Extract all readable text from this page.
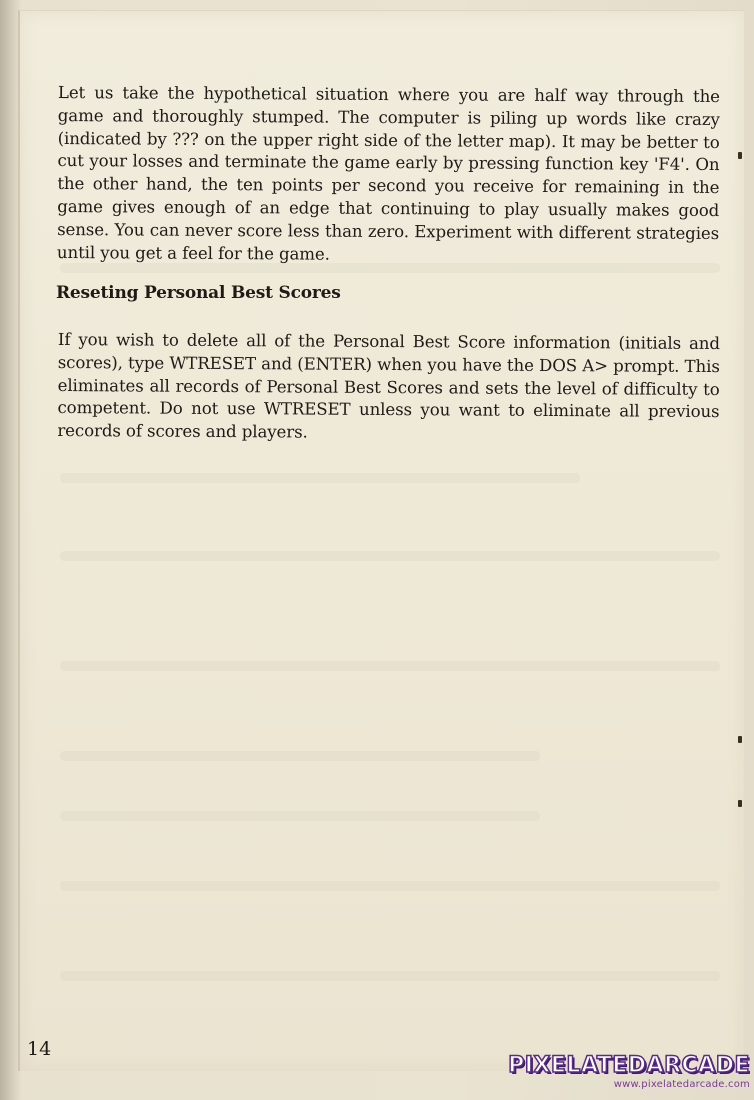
Let us take the hypothetical situation where you are half way through the game and thoroughly stumped. The computer is piling up words like crazy (indicated by ??? on the upper right side of the letter map). It may be better to cut your losses and terminate the game early by pressing function key 'F4'. On the other hand, the ten points per second you receive for remaining in the game gives enough of an edge that continuing to play usually makes good sense. You can never score less than zero. Experiment with different strategies until you get a feel for the game.

Reseting Personal Best Scores

If you wish to delete all of the Personal Best Score information (initials and scores), type WTRESET and (ENTER) when you have the DOS A> prompt. This eliminates all records of Personal Best Scores and sets the level of difficulty to competent. Do not use WTRESET unless you want to eliminate all previous records of scores and players.

14
PIXELATEDARCADE
www.pixelatedarcade.com
